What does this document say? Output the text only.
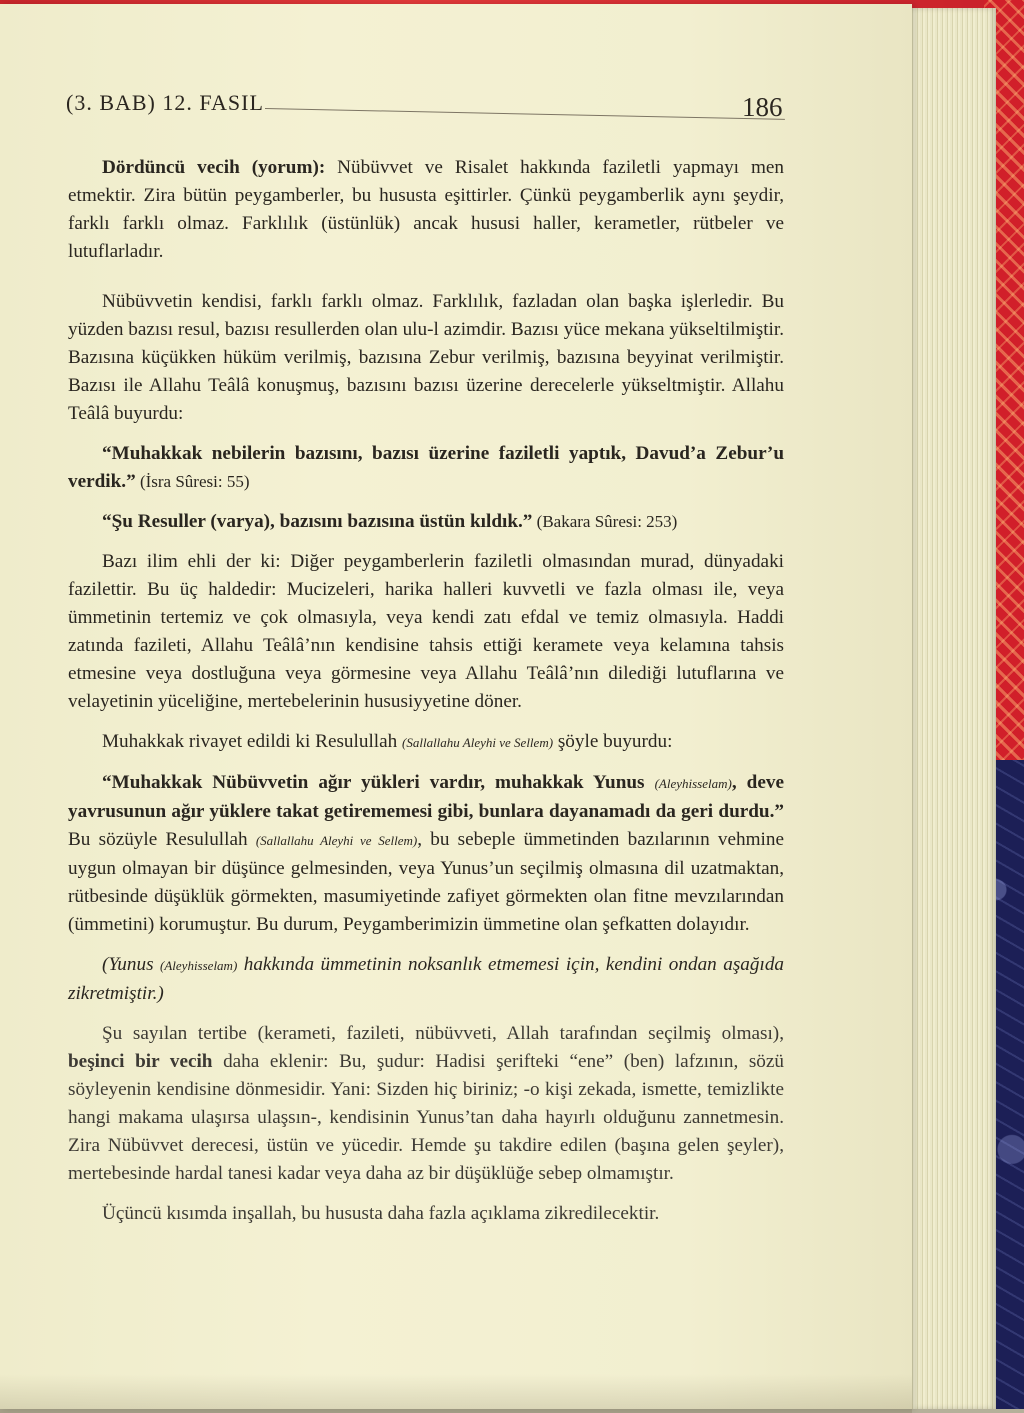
(3. BAB) 12. FASIL	186

Dördüncü vecih (yorum): Nübüvvet ve Risalet hakkında faziletli yapmayı men etmektir. Zira bütün peygamberler, bu hususta eşittirler. Çünkü peygamberlik aynı şeydir, farklı farklı olmaz. Farklılık (üstünlük) ancak hususi haller, kerametler, rütbeler ve lutuflarladır.

Nübüvvetin kendisi, farklı farklı olmaz. Farklılık, fazladan olan başka işlerledir. Bu yüzden bazısı resul, bazısı resullerden olan ulu-l azimdir. Bazısı yüce mekana yükseltilmiştir. Bazısına küçükken hüküm verilmiş, bazısına Zebur verilmiş, bazısına beyyinat verilmiştir. Bazısı ile Allahu Teâlâ konuşmuş, bazısını bazısı üzerine derecelerle yükseltmiştir. Allahu Teâlâ buyurdu:

“Muhakkak nebilerin bazısını, bazısı üzerine faziletli yaptık, Davud’a Zebur’u verdik.” (İsra Sûresi: 55)

“Şu Resuller (varya), bazısını bazısına üstün kıldık.” (Bakara Sûresi: 253)

Bazı ilim ehli der ki: Diğer peygamberlerin faziletli olmasından murad, dünyadaki fazilettir. Bu üç haldedir: Mucizeleri, harika halleri kuvvetli ve fazla olması ile, veya ümmetinin tertemiz ve çok olmasıyla, veya kendi zatı efdal ve temiz olmasıyla. Haddi zatında fazileti, Allahu Teâlâ’nın kendisine tahsis ettiği keramete veya kelamına tahsis etmesine veya dostluğuna veya görmesine veya Allahu Teâlâ’nın dilediği lutuflarına ve velayetinin yüceliğine, mertebelerinin hususiyyetine döner.

Muhakkak rivayet edildi ki Resulullah (Sallallahu Aleyhi ve Sellem) şöyle buyurdu:

“Muhakkak Nübüvvetin ağır yükleri vardır, muhakkak Yunus (Aleyhisselam), deve yavrusunun ağır yüklere takat getirememesi gibi, bunlara dayanamadı da geri durdu.” Bu sözüyle Resulullah (Sallallahu Aleyhi ve Sellem), bu sebeple ümmetinden bazılarının vehmine uygun olmayan bir düşünce gelmesinden, veya Yunus’un seçilmiş olmasına dil uzatmaktan, rütbesinde düşüklük görmekten, masumiyetinde zafiyet görmekten olan fitne mevzılarından (ümmetini) korumuştur. Bu durum, Peygamberimizin ümmetine olan şefkatten dolayıdır.

(Yunus (Aleyhisselam) hakkında ümmetinin noksanlık etmemesi için, kendini ondan aşağıda zikretmiştir.)

Şu sayılan tertibe (kerameti, fazileti, nübüvveti, Allah tarafından seçilmiş olması), beşinci bir vecih daha eklenir: Bu, şudur: Hadisi şerifteki “ene” (ben) lafzının, sözü söyleyenin kendisine dönmesidir. Yani: Sizden hiç biriniz; -o kişi zekada, ismette, temizlikte hangi makama ulaşırsa ulaşsın-, kendisinin Yunus’tan daha hayırlı olduğunu zannetmesin. Zira Nübüvvet derecesi, üstün ve yücedir. Hemde şu takdire edilen (başına gelen şeyler), mertebesinde hardal tanesi kadar veya daha az bir düşüklüğe sebep olmamıştır.

Üçüncü kısımda inşallah, bu hususta daha fazla açıklama zikredilecektir.
